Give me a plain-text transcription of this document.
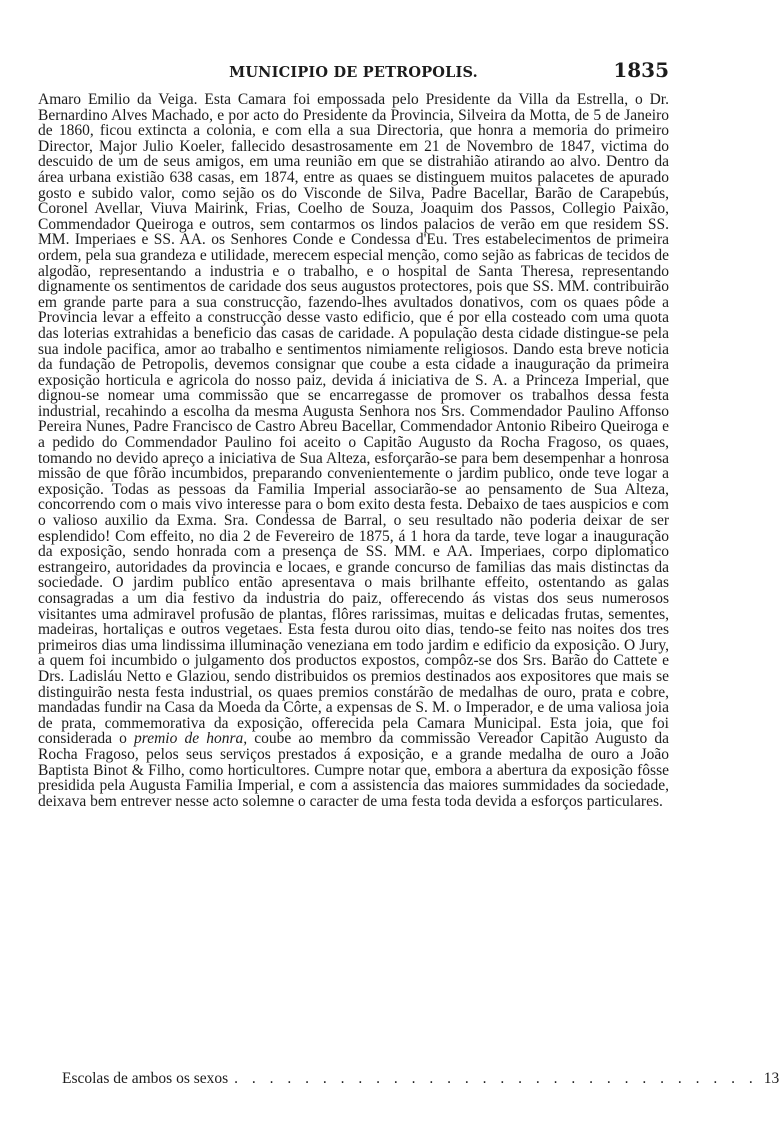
MUNICIPIO DE PETROPOLIS.	1835

Amaro Emilio da Veiga. Esta Camara foi empossada pelo Presidente da Villa da Estrella, o Dr. Bernardino Alves Machado, e por acto do Presidente da Provincia, Silveira da Motta, de 5 de Janeiro de 1860, ficou extincta a colonia, e com ella a sua Directoria, que honra a memoria do primeiro Director, Major Julio Koeler, fallecido desastrosamente em 21 de Novembro de 1847, victima do descuido de um de seus amigos, em uma reunião em que se distrahião atirando ao alvo. Dentro da área urbana existião 638 casas, em 1874, entre as quaes se distinguem muitos palacetes de apurado gosto e subido valor, como sejão os do Visconde de Silva, Padre Bacellar, Barão de Carapebús, Coronel Avellar, Viuva Mairink, Frias, Coelho de Souza, Joaquim dos Passos, Collegio Paixão, Commendador Queiroga e outros, sem contarmos os lindos palacios de verão em que residem SS. MM. Imperiaes e SS. AA. os Senhores Conde e Condessa d'Eu. Tres estabelecimentos de primeira ordem, pela sua grandeza e utilidade, merecem especial menção, como sejão as fabricas de tecidos de algodão, representando a industria e o trabalho, e o hospital de Santa Theresa, representando dignamente os sentimentos de caridade dos seus augustos protectores, pois que SS. MM. contribuirão em grande parte para a sua construcção, fazendo-lhes avultados donativos, com os quaes pôde a Provincia levar a effeito a construcção desse vasto edificio, que é por ella costeado com uma quota das loterias extrahidas a beneficio das casas de caridade. A população desta cidade distingue-se pela sua indole pacifica, amor ao trabalho e sentimentos nimiamente religiosos. Dando esta breve noticia da fundação de Petropolis, devemos consignar que coube a esta cidade a inauguração da primeira exposição horticula e agricola do nosso paiz, devida á iniciativa de S. A. a Princeza Imperial, que dignou-se nomear uma commissão que se encarregasse de promover os trabalhos dessa festa industrial, recahindo a escolha da mesma Augusta Senhora nos Srs. Commendador Paulino Affonso Pereira Nunes, Padre Francisco de Castro Abreu Bacellar, Commendador Antonio Ribeiro Queiroga e a pedido do Commendador Paulino foi aceito o Capitão Augusto da Rocha Fragoso, os quaes, tomando no devido apreço a iniciativa de Sua Alteza, esforçarão-se para bem desempenhar a honrosa missão de que fôrão incumbidos, preparando convenientemente o jardim publico, onde teve logar a exposição. Todas as pessoas da Familia Imperial associarão-se ao pensamento de Sua Alteza, concorrendo com o mais vivo interesse para o bom exito desta festa. Debaixo de taes auspicios e com o valioso auxilio da Exma. Sra. Condessa de Barral, o seu resultado não poderia deixar de ser esplendido! Com effeito, no dia 2 de Fevereiro de 1875, á 1 hora da tarde, teve logar a inauguração da exposição, sendo honrada com a presença de SS. MM. e AA. Imperiaes, corpo diplomatico estrangeiro, autoridades da provincia e locaes, e grande concurso de familias das mais distinctas da sociedade. O jardim publico então apresentava o mais brilhante effeito, ostentando as galas consagradas a um dia festivo da industria do paiz, offerecendo ás vistas dos seus numerosos visitantes uma admiravel profusão de plantas, flôres rarissimas, muitas e delicadas frutas, sementes, madeiras, hortaliças e outros vegetaes. Esta festa durou oito dias, tendo-se feito nas noites dos tres primeiros dias uma lindissima illuminação veneziana em todo jardim e edificio da exposição. O Jury, a quem foi incumbido o julgamento dos productos expostos, compôz-se dos Srs. Barão do Cattete e Drs. Ladisláu Netto e Glaziou, sendo distribuidos os premios destinados aos expositores que mais se distinguirão nesta festa industrial, os quaes premios constárão de medalhas de ouro, prata e cobre, mandadas fundir na Casa da Moeda da Côrte, a expensas de S. M. o Imperador, e de uma valiosa joia de prata, commemorativa da exposição, offerecida pela Camara Municipal. Esta joia, que foi considerada o premio de honra, coube ao membro da commissão Vereador Capitão Augusto da Rocha Fragoso, pelos seus serviços prestados á exposição, e a grande medalha de ouro a João Baptista Binot & Filho, como horticultores. Cumpre notar que, embora a abertura da exposição fôsse presidida pela Augusta Familia Imperial, e com a assistencia das maiores summidades da sociedade, deixava bem entrever nesse acto solemne o caracter de uma festa toda devida a esforços particulares.

Escolas de ambos os sexos . . . . . . . . . . . . . . . . . . . . . . . . . . . . . . 13
